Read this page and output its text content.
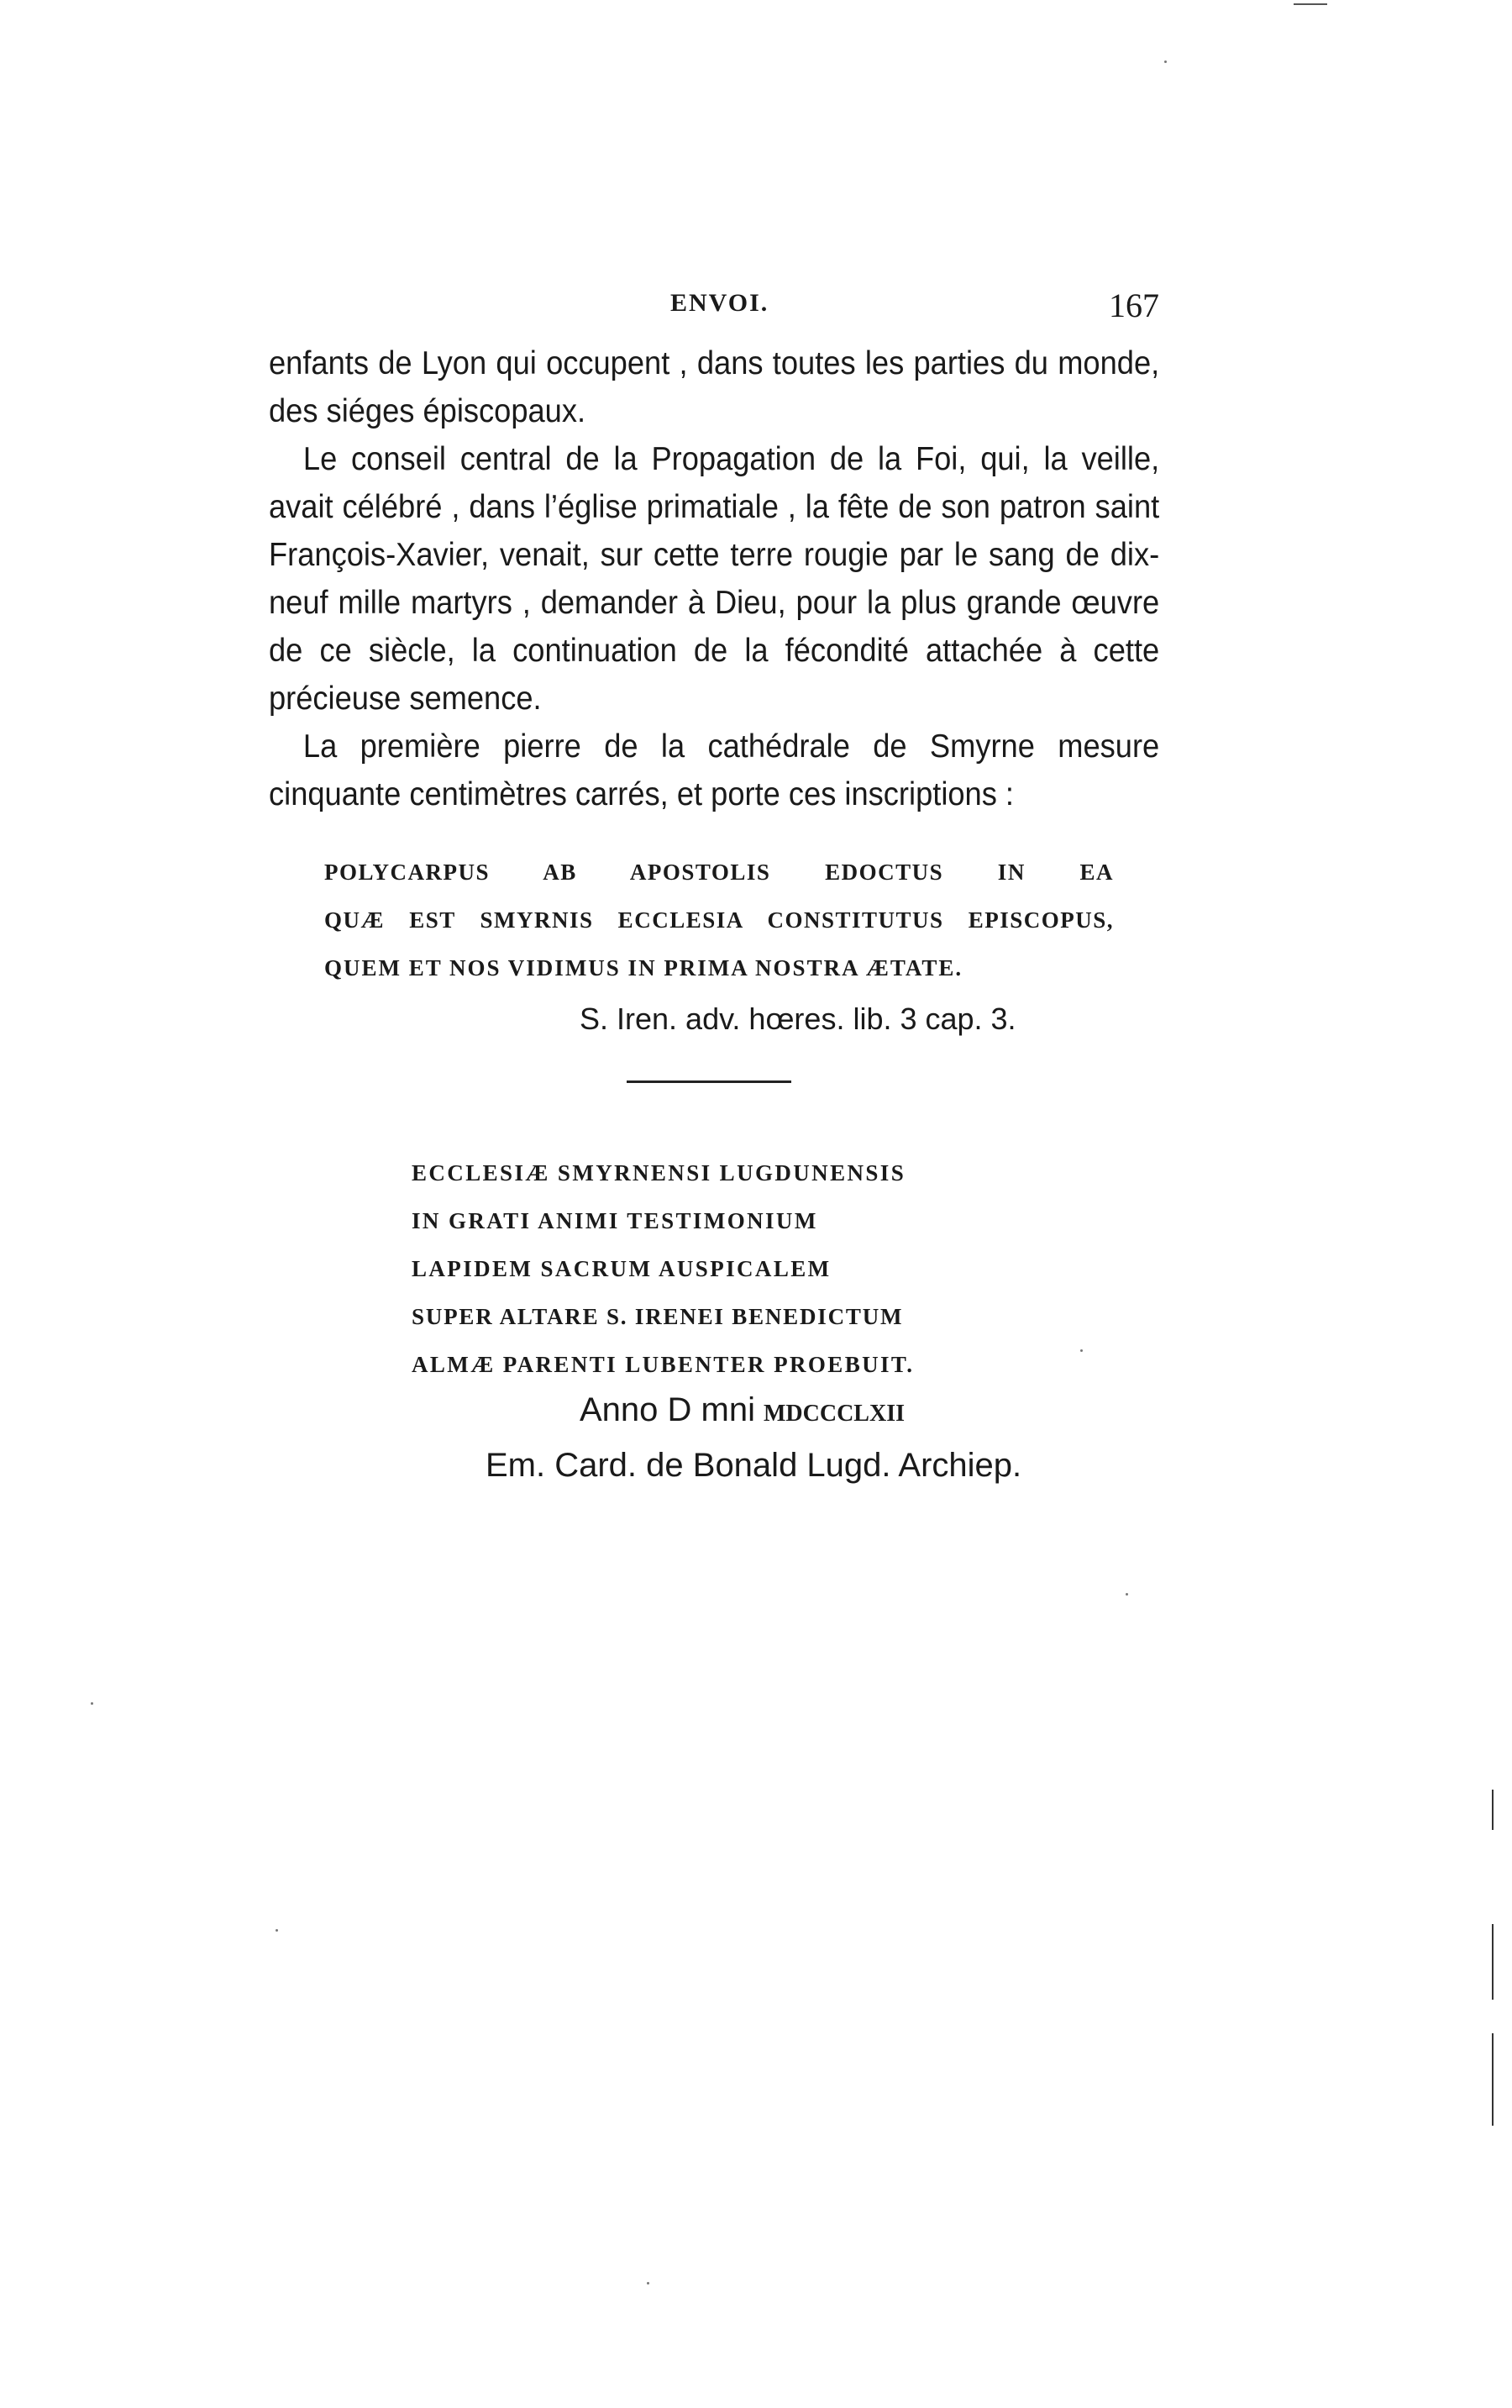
ENVOI.	167

enfants de Lyon qui occupent , dans toutes les parties du monde, des siéges épiscopaux.

Le conseil central de la Propagation de la Foi, qui, la veille, avait célébré , dans l’église primatiale , la fête de son patron saint François-Xavier, venait, sur cette terre rougie par le sang de dix-neuf mille martyrs , demander à Dieu, pour la plus grande œuvre de ce siècle, la continuation de la fécondité attachée à cette précieuse semence.

La première pierre de la cathédrale de Smyrne mesure cinquante centimètres carrés, et porte ces inscriptions :

POLYCARPUS AB APOSTOLIS EDOCTUS IN EA
QUÆ EST SMYRNIS ECCLESIA CONSTITUTUS EPISCOPUS,
QUEM ET NOS VIDIMUS IN PRIMA NOSTRA ÆTATE.
S. Iren. adv. hœres. lib. 3 cap. 3.
ECCLESIÆ SMYRNENSI LUGDUNENSIS
IN GRATI ANIMI TESTIMONIUM
LAPIDEM SACRUM AUSPICALEM
SUPER ALTARE S. IRENEI BENEDICTUM
ALMÆ PARENTI LUBENTER PROEBUIT.
Anno D mni MDCCCLXII
Em. Card. de Bonald Lugd. Archiep.
